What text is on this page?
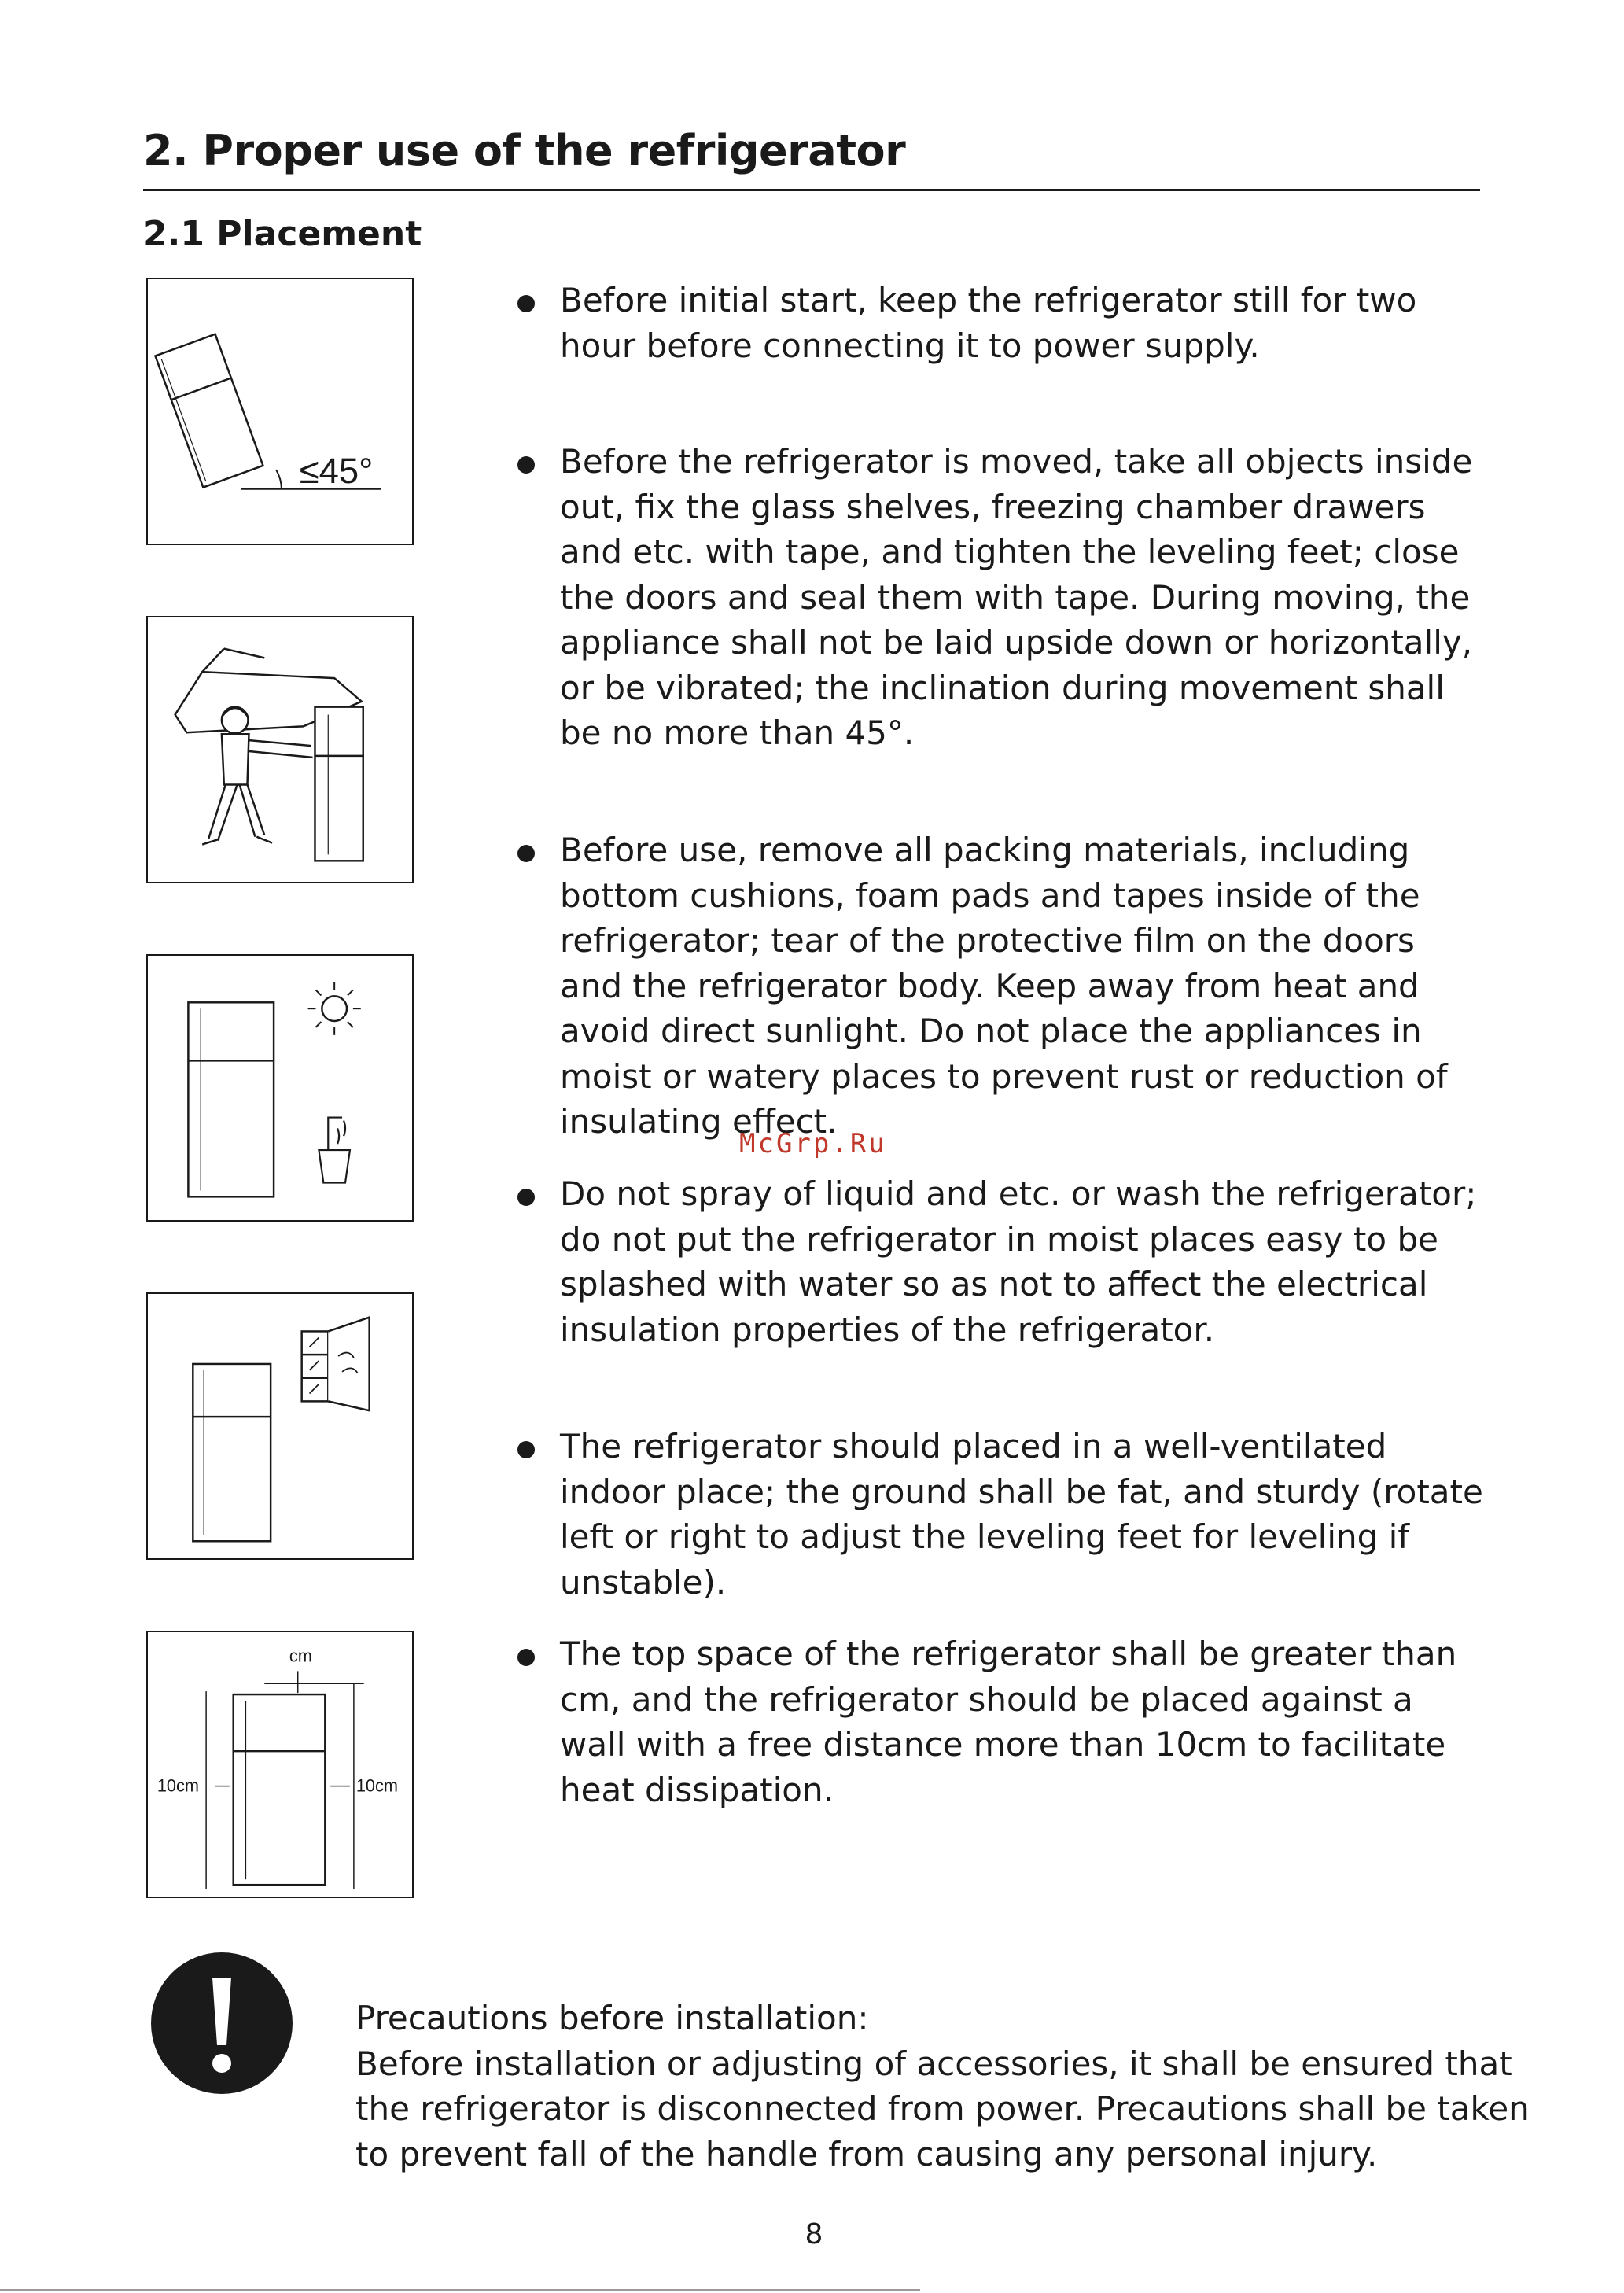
2. Proper use of the refrigerator
2.1 Placement
≤45°
cm
10cm	10cm
Before initial start, keep the refrigerator still for two hour before connecting it to power supply.
Before the refrigerator is moved, take all objects inside out, fix the glass shelves, freezing chamber drawers and etc. with tape, and tighten the leveling feet; close the doors and seal them with tape. During moving, the appliance shall not be laid upside down or horizontally, or be vibrated; the inclination during movement shall be no more than 45°.
Before use, remove all packing materials, including bottom cushions, foam pads and tapes inside of the refrigerator; tear of the protective film on the doors and the refrigerator body. Keep away from heat and avoid direct sunlight. Do not place the appliances in moist or watery places to prevent rust or reduction of insulating effect.
McGrp.Ru
Do not spray of liquid and etc. or wash the refrigerator; do not put the refrigerator in moist places easy to be splashed with water so as not to affect the electrical insulation properties of the refrigerator.
The refrigerator should placed in a well-ventilated indoor place; the ground shall be fat, and sturdy (rotate left or right to adjust the leveling feet for leveling if unstable).
The top space of the refrigerator shall be greater than cm, and the refrigerator should be placed against a wall with a free distance more than 10cm to facilitate heat dissipation.
Precautions before installation:
Before installation or adjusting of accessories, it shall be ensured that
the refrigerator is disconnected from power. Precautions shall be taken
to prevent fall of the handle from causing any personal injury.
8
